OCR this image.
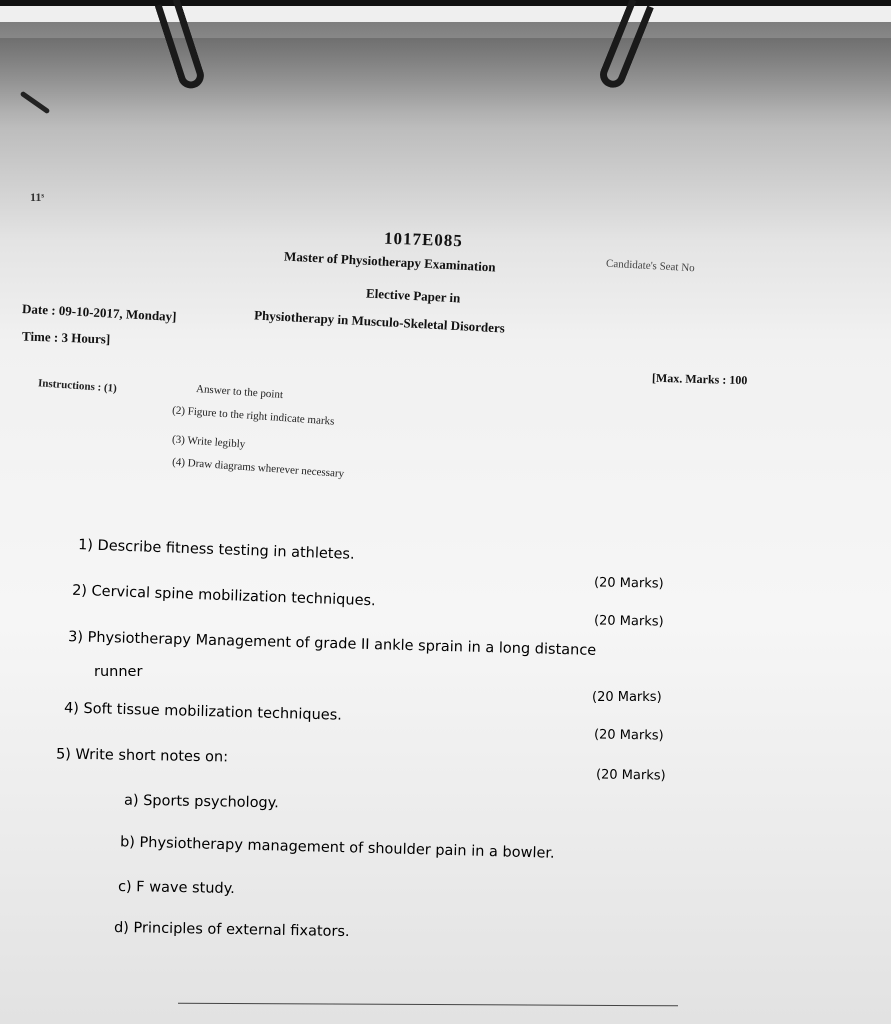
11ˢ
1017E085
Master of Physiotherapy Examination	Candidate's Seat No
Elective Paper in
Physiotherapy in Musculo-Skeletal Disorders
Date : 09-10-2017, Monday]
Time : 3 Hours]
[Max. Marks : 100
Instructions : (1)	Answer to the point
(2) Figure to the right indicate marks
(3) Write legibly
(4) Draw diagrams wherever necessary
1) Describe fitness testing in athletes.
(20 Marks)
2) Cervical spine mobilization techniques.
(20 Marks)
3) Physiotherapy Management of grade II ankle sprain in a long distance
runner
(20 Marks)
4) Soft tissue mobilization techniques.
(20 Marks)
5) Write short notes on:
(20 Marks)
a) Sports psychology.
b) Physiotherapy management of shoulder pain in a bowler.
c) F wave study.
d) Principles of external fixators.
